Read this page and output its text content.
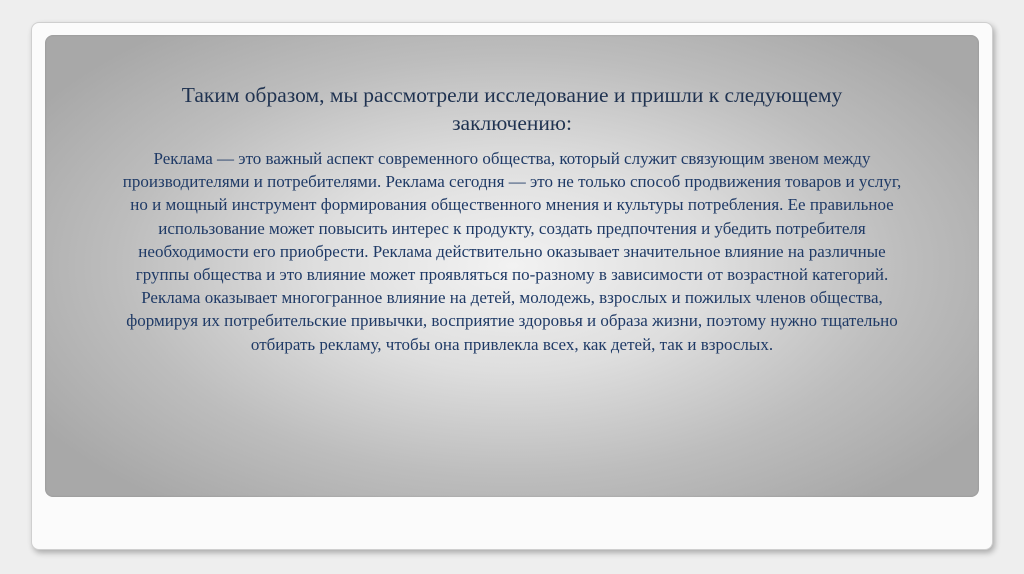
Таким образом, мы рассмотрели исследование и пришли к следующему заключению:

Реклама — это важный аспект современного общества, который служит связующим звеном между производителями и потребителями. Реклама сегодня — это не только способ продвижения товаров и услуг, но и мощный инструмент формирования общественного мнения и культуры потребления. Ее правильное использование может повысить интерес к продукту, создать предпочтения и убедить потребителя необходимости его приобрести. Реклама действительно оказывает значительное влияние на различные группы общества и это влияние может проявляться по-разному в зависимости от возрастной категорий. Реклама оказывает многогранное влияние на детей, молодежь, взрослых и пожилых членов общества, формируя их потребительские привычки, восприятие здоровья и образа жизни, поэтому нужно тщательно отбирать рекламу, чтобы она привлекла всех, как детей, так и взрослых.
